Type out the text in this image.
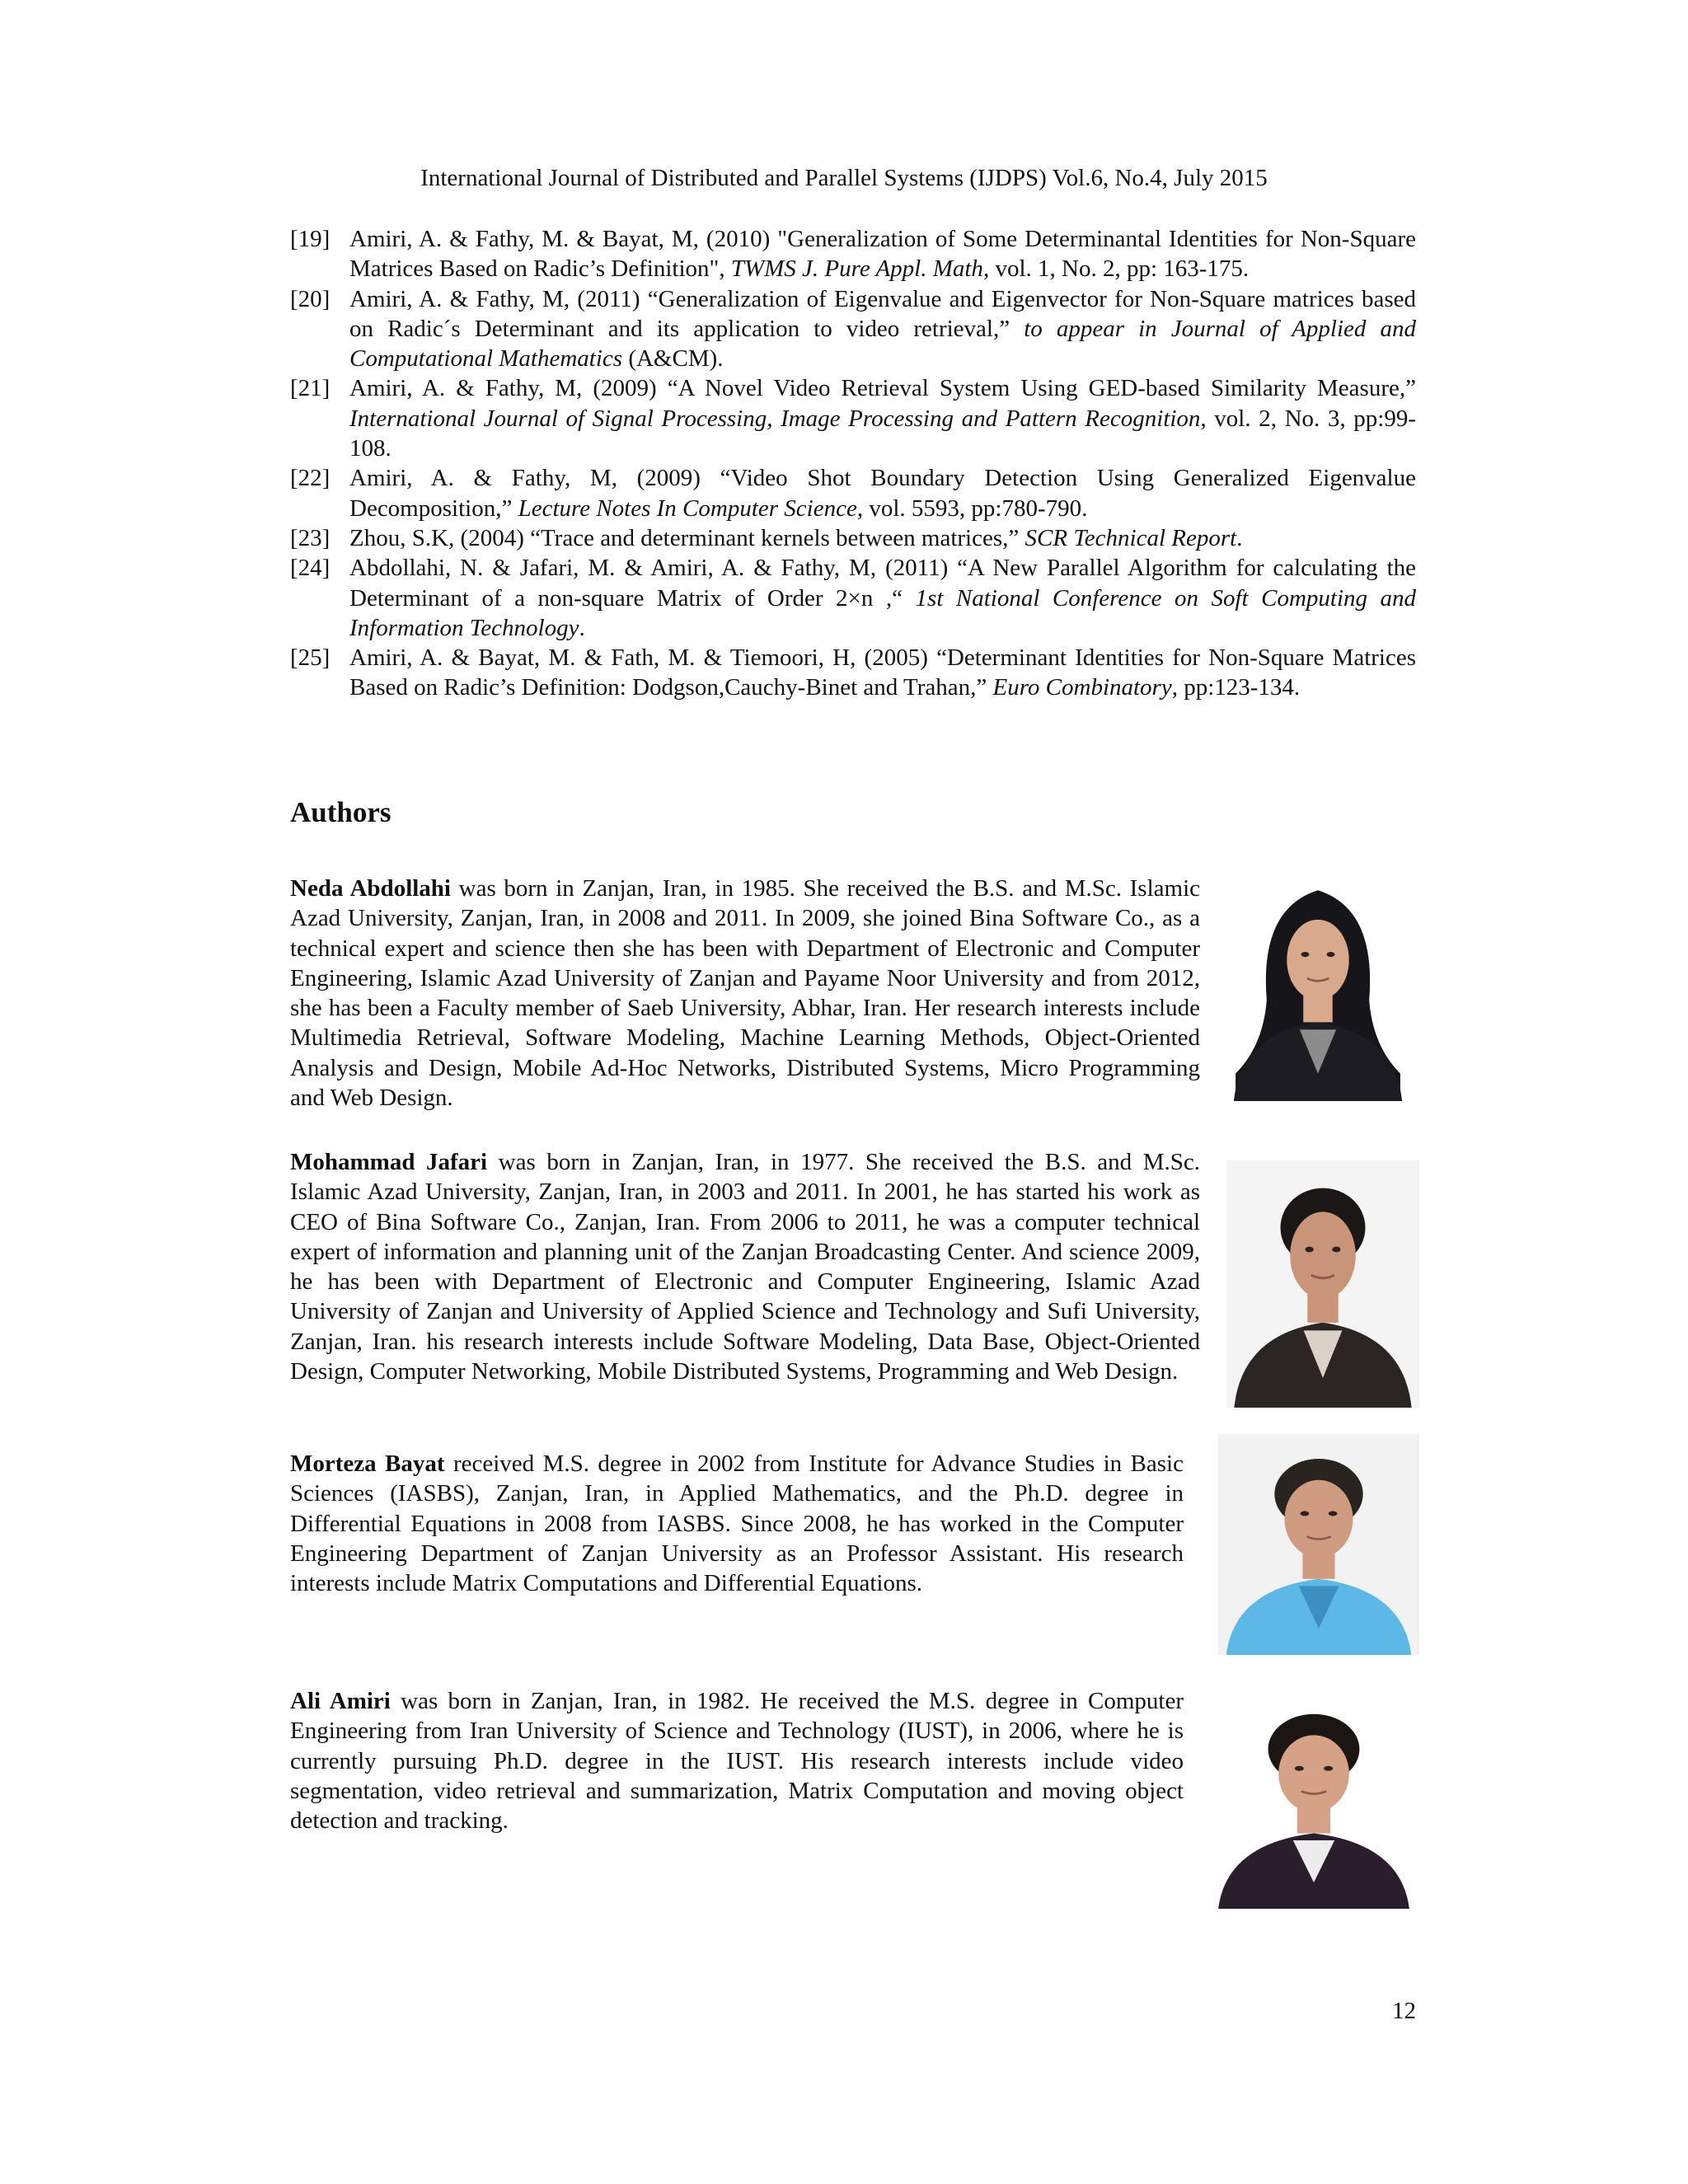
International Journal of Distributed and Parallel Systems (IJDPS) Vol.6, No.4, July 2015
[19] Amiri, A. & Fathy, M. & Bayat, M, (2010) "Generalization of Some Determinantal Identities for Non-Square Matrices Based on Radic’s Definition", TWMS J. Pure Appl. Math, vol. 1, No. 2, pp: 163-175.
[20] Amiri, A. & Fathy, M, (2011) “Generalization of Eigenvalue and Eigenvector for Non-Square matrices based on Radic´s Determinant and its application to video retrieval,” to appear in Journal of Applied and Computational Mathematics (A&CM).
[21] Amiri, A. & Fathy, M, (2009) “A Novel Video Retrieval System Using GED-based Similarity Measure,” International Journal of Signal Processing, Image Processing and Pattern Recognition, vol. 2, No. 3, pp:99-108.
[22] Amiri, A. & Fathy, M, (2009) “Video Shot Boundary Detection Using Generalized Eigenvalue Decomposition,” Lecture Notes In Computer Science, vol. 5593, pp:780-790.
[23] Zhou, S.K, (2004) “Trace and determinant kernels between matrices,” SCR Technical Report.
[24] Abdollahi, N. & Jafari, M. & Amiri, A. & Fathy, M, (2011) “A New Parallel Algorithm for calculating the Determinant of a non-square Matrix of Order 2×n ,“ 1st National Conference on Soft Computing and Information Technology.
[25] Amiri, A. & Bayat, M. & Fath, M. & Tiemoori, H, (2005) “Determinant Identities for Non-Square Matrices Based on Radic’s Definition: Dodgson,Cauchy-Binet and Trahan,” Euro Combinatory, pp:123-134.
Authors
Neda Abdollahi was born in Zanjan, Iran, in 1985. She received the B.S. and M.Sc. Islamic Azad University, Zanjan, Iran, in 2008 and 2011. In 2009, she joined Bina Software Co., as a technical expert and science then she has been with Department of Electronic and Computer Engineering, Islamic Azad University of Zanjan and Payame Noor University and from 2012, she has been a Faculty member of Saeb University, Abhar, Iran. Her research interests include Multimedia Retrieval, Software Modeling, Machine Learning Methods, Object-Oriented Analysis and Design, Mobile Ad-Hoc Networks, Distributed Systems, Micro Programming and Web Design.
Mohammad Jafari was born in Zanjan, Iran, in 1977. She received the B.S. and M.Sc. Islamic Azad University, Zanjan, Iran, in 2003 and 2011. In 2001, he has started his work as CEO of Bina Software Co., Zanjan, Iran. From 2006 to 2011, he was a computer technical expert of information and planning unit of the Zanjan Broadcasting Center. And science 2009, he has been with Department of Electronic and Computer Engineering, Islamic Azad University of Zanjan and University of Applied Science and Technology and Sufi University, Zanjan, Iran. his research interests include Software Modeling, Data Base, Object-Oriented Design, Computer Networking, Mobile Distributed Systems, Programming and Web Design.
Morteza Bayat received M.S. degree in 2002 from Institute for Advance Studies in Basic Sciences (IASBS), Zanjan, Iran, in Applied Mathematics, and the Ph.D. degree in Differential Equations in 2008 from IASBS. Since 2008, he has worked in the Computer Engineering Department of Zanjan University as an Professor Assistant. His research interests include Matrix Computations and Differential Equations.
Ali Amiri was born in Zanjan, Iran, in 1982. He received the M.S. degree in Computer Engineering from Iran University of Science and Technology (IUST), in 2006, where he is currently pursuing Ph.D. degree in the IUST. His research interests include video segmentation, video retrieval and summarization, Matrix Computation and moving object detection and tracking.
12
